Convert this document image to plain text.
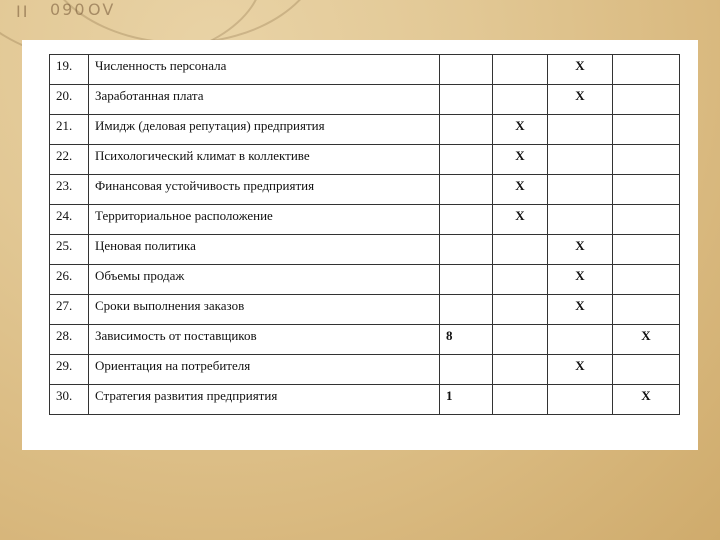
ⅠⅠ 090 OV
19.	Численность персонала			X	
20.	Заработанная плата			X	
21.	Имидж (деловая репутация) предприятия		X		
22.	Психологический климат в коллективе		X		
23.	Финансовая устойчивость предприятия		X		
24.	Территориальное расположение		X		
25.	Ценовая политика			X	
26.	Объемы продаж			X	
27.	Сроки выполнения заказов			X	
28.	Зависимость от поставщиков	8			X
29.	Ориентация на потребителя			X	
30.	Стратегия развития предприятия	1			X
